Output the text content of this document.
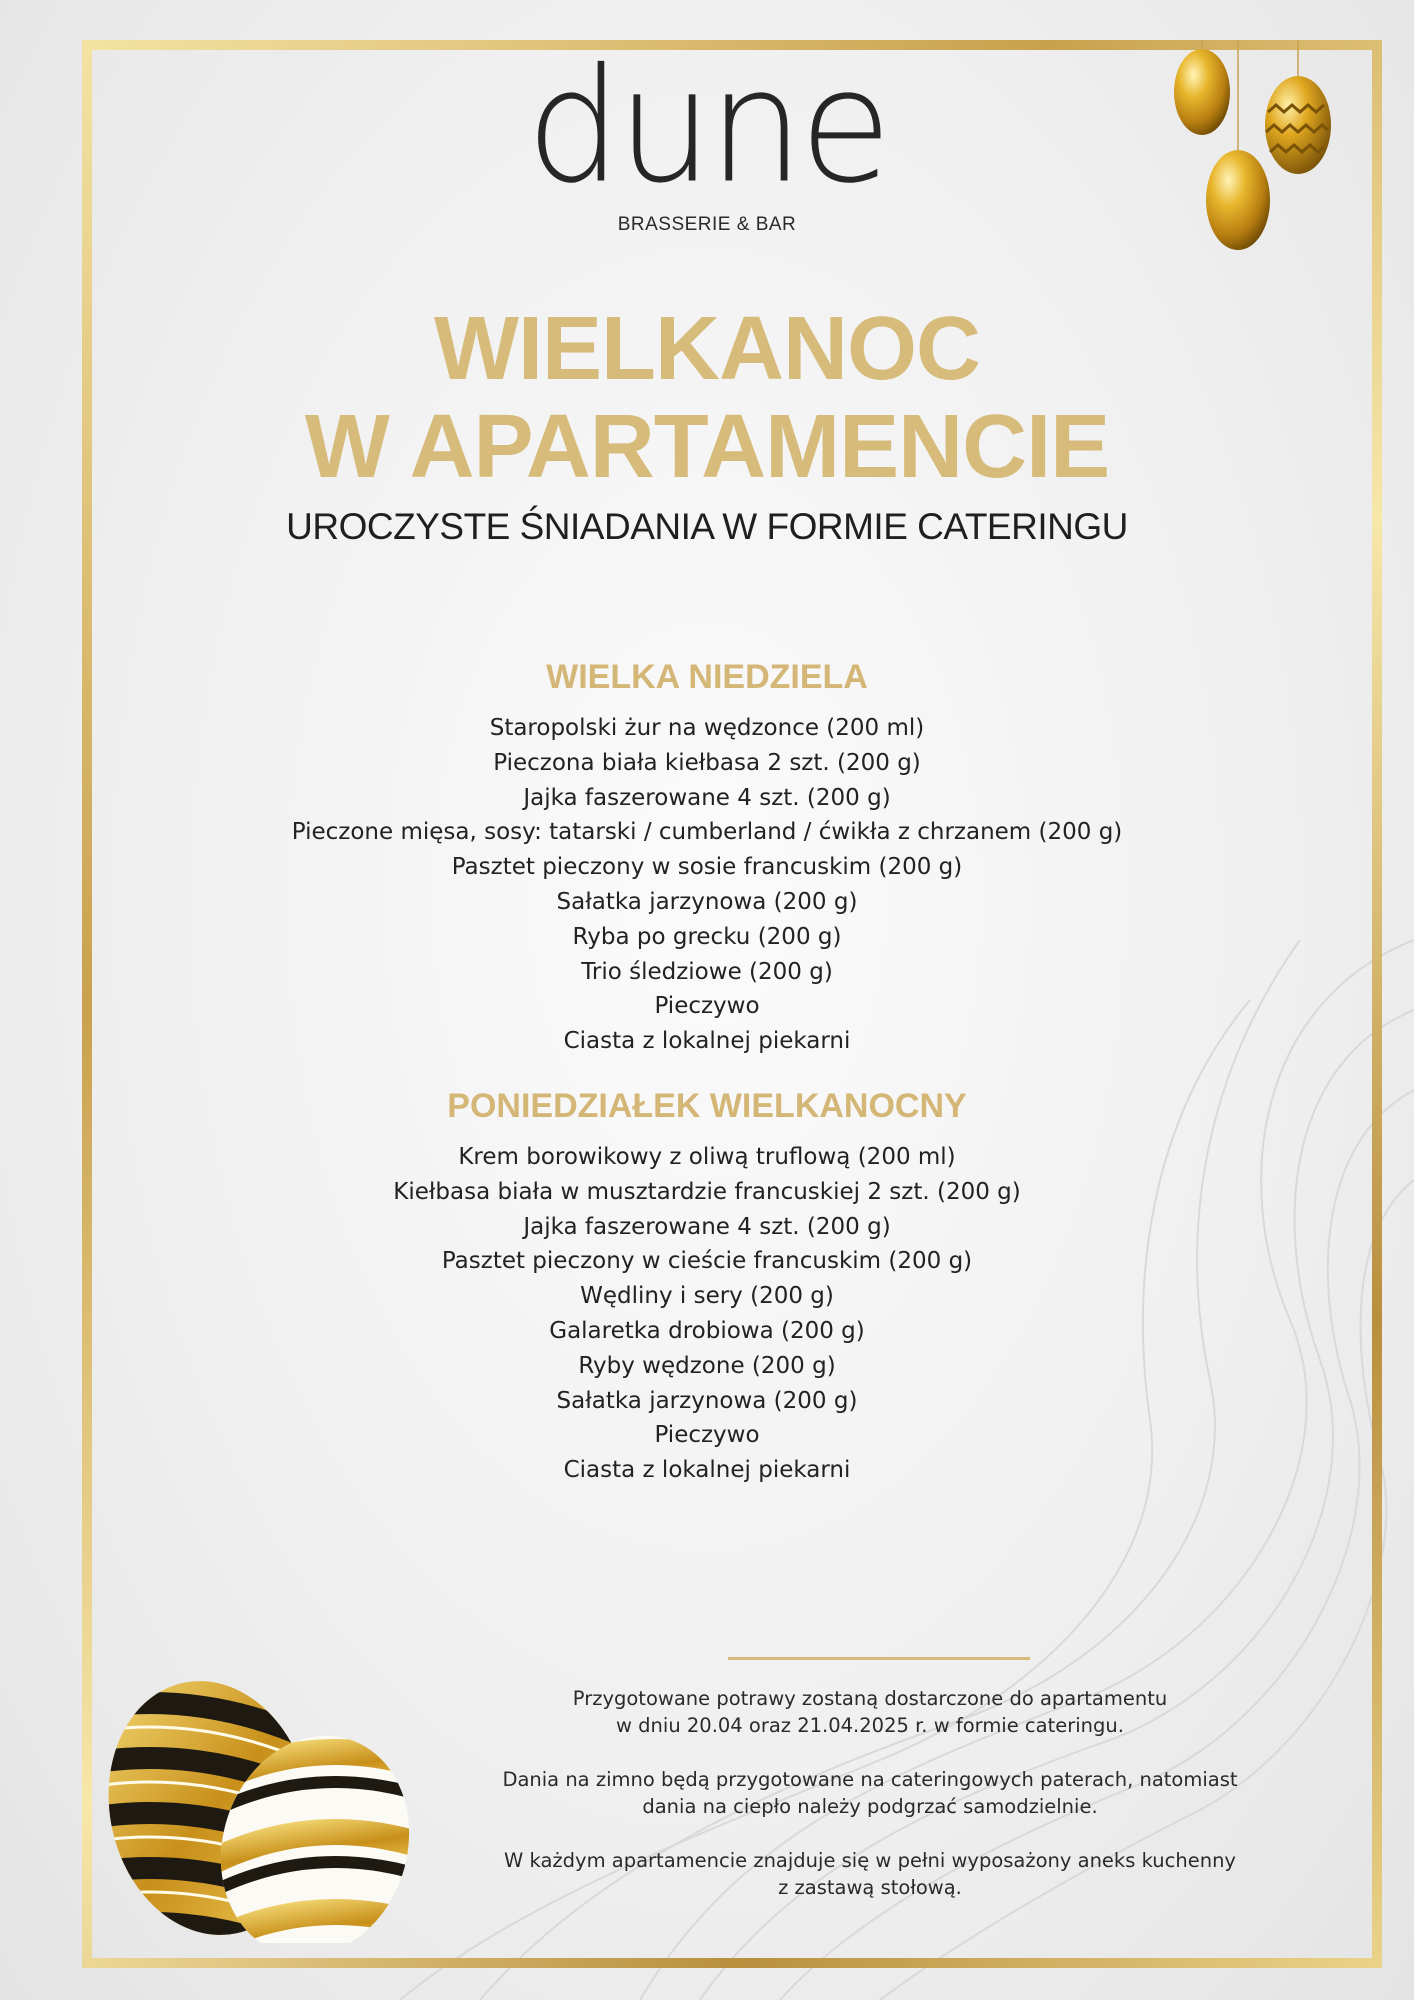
dune
BRASSERIE & BAR
WIELKANOC
W APARTAMENCIE
UROCZYSTE ŚNIADANIA W FORMIE CATERINGU
WIELKA NIEDZIELA
Staropolski żur na wędzonce (200 ml)
Pieczona biała kiełbasa 2 szt. (200 g)
Jajka faszerowane 4 szt. (200 g)
Pieczone mięsa, sosy: tatarski / cumberland / ćwikła z chrzanem (200 g)
Pasztet pieczony w sosie francuskim (200 g)
Sałatka jarzynowa (200 g)
Ryba po grecku (200 g)
Trio śledziowe (200 g)
Pieczywo
Ciasta z lokalnej piekarni
PONIEDZIAŁEK WIELKANOCNY
Krem borowikowy z oliwą truflową (200 ml)
Kiełbasa biała w musztardzie francuskiej 2 szt. (200 g)
Jajka faszerowane 4 szt. (200 g)
Pasztet pieczony w cieście francuskim (200 g)
Wędliny i sery (200 g)
Galaretka drobiowa (200 g)
Ryby wędzone (200 g)
Sałatka jarzynowa (200 g)
Pieczywo
Ciasta z lokalnej piekarni

Przygotowane potrawy zostaną dostarczone do apartamentu
w dniu 20.04 oraz 21.04.2025 r. w formie cateringu.

Dania na zimno będą przygotowane na cateringowych paterach, natomiast
dania na ciepło należy podgrzać samodzielnie.

W każdym apartamencie znajduje się w pełni wyposażony aneks kuchenny
z zastawą stołową.
